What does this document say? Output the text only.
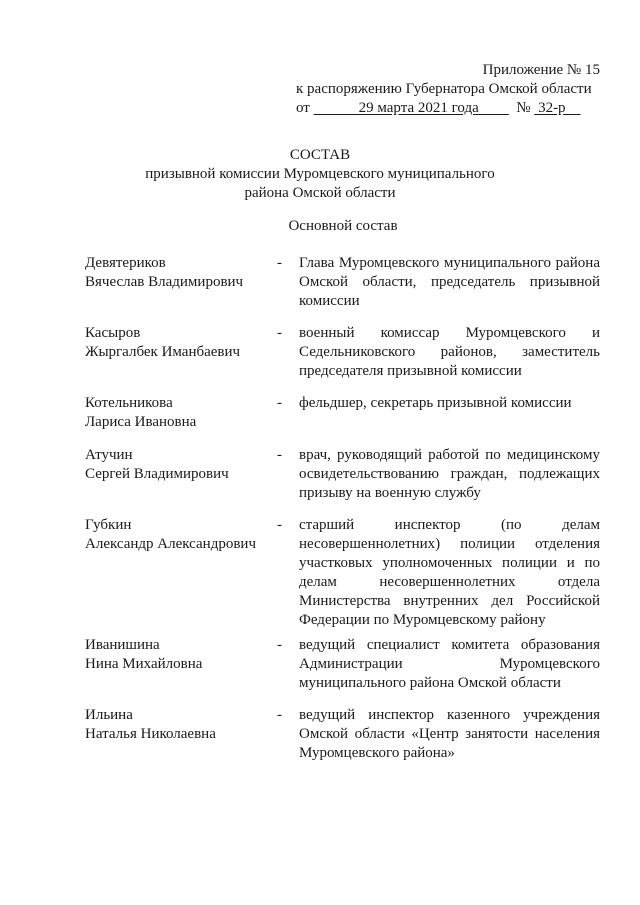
Приложение № 15
к распоряжению Губернатора Омской области
от	29 марта 2021 года	№ 32-р
СОСТАВ
призывной комиссии Муромцевского муниципального
района Омской области
Основной состав
Девятериков
Вячеслав Владимирович
- Глава Муромцевского муниципального района Омской области, председатель призывной комиссии
Касыров
Жыргалбек Иманбаевич
- военный комиссар Муромцевского и Седельниковского районов, заместитель председателя призывной комиссии
Котельникова
Лариса Ивановна
- фельдшер, секретарь призывной комиссии
Атучин
Сергей Владимирович
- врач, руководящий работой по медицинскому освидетельствованию граждан, подлежащих призыву на военную службу
Губкин
Александр Александрович
- старший инспектор (по делам несовершеннолетних) полиции отделения участковых уполномоченных полиции и по делам несовершеннолетних отдела Министерства внутренних дел Российской Федерации по Муромцевскому району
Иванишина
Нина Михайловна
- ведущий специалист комитета образования Администрации Муромцевского муниципального района Омской области
Ильина
Наталья Николаевна
- ведущий инспектор казенного учреждения Омской области «Центр занятости населения Муромцевского района»
